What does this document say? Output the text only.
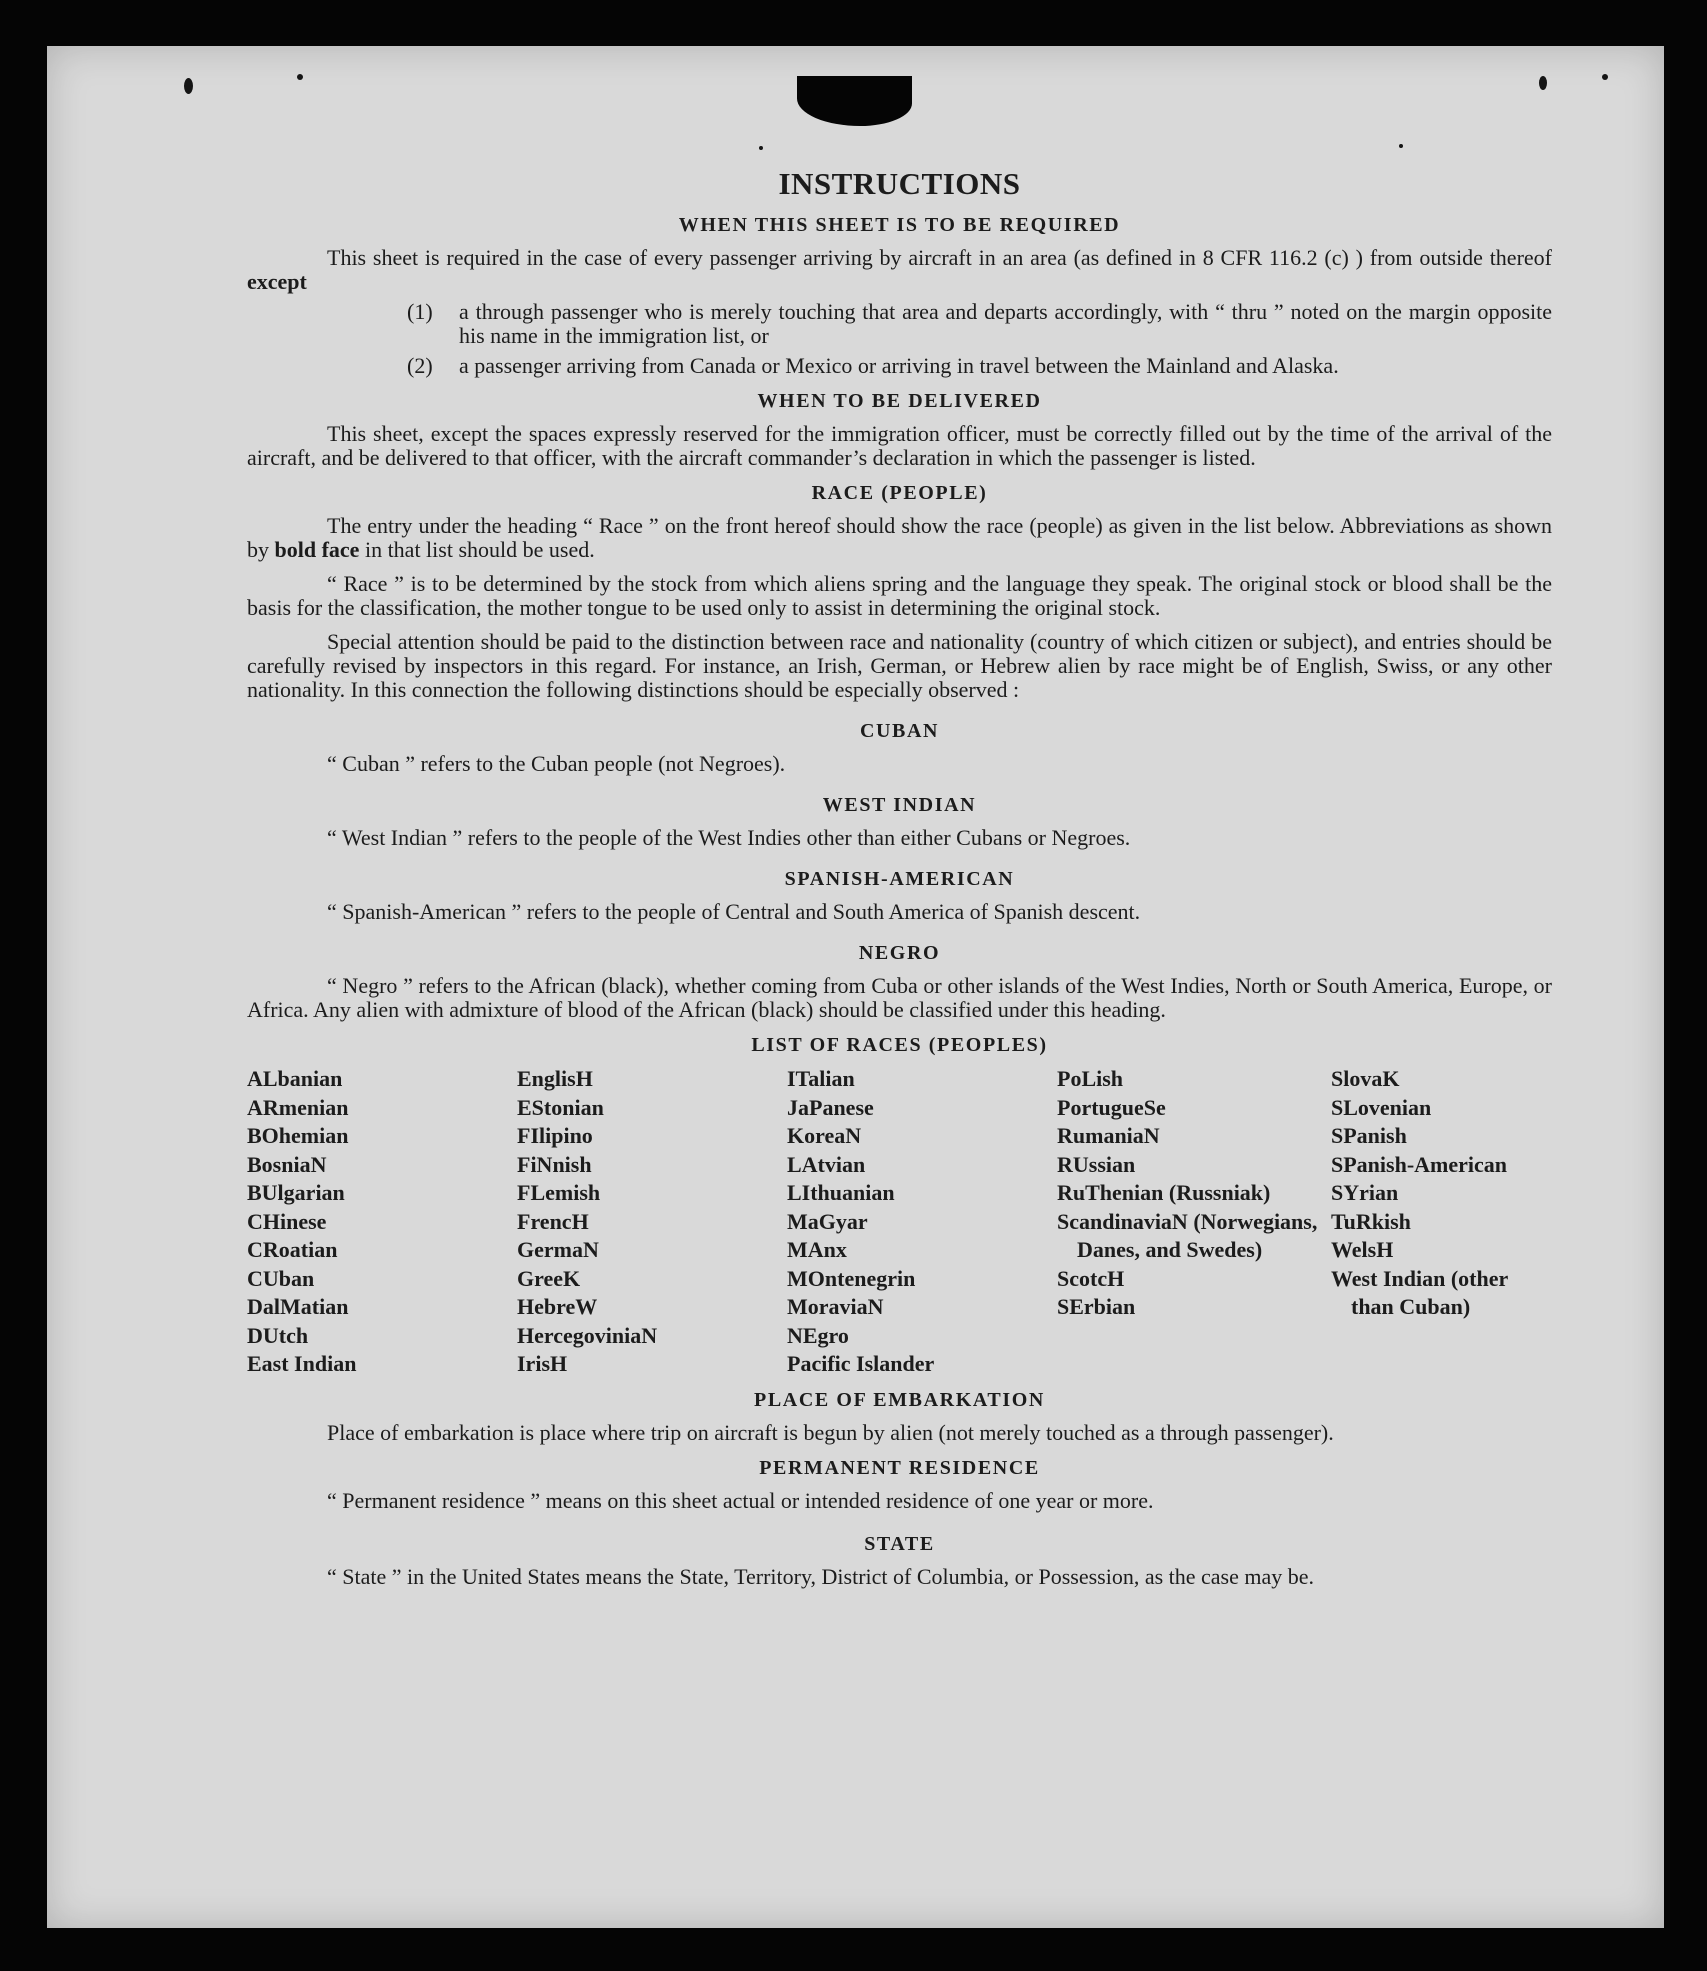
INSTRUCTIONS
WHEN THIS SHEET IS TO BE REQUIRED

This sheet is required in the case of every passenger arriving by aircraft in an area (as defined in 8 CFR 116.2 (c) ) from outside thereof except

(1)	a through passenger who is merely touching that area and departs accordingly, with “ thru ” noted on the margin opposite his name in the immigration list, or
(2)	a passenger arriving from Canada or Mexico or arriving in travel between the Mainland and Alaska.
WHEN TO BE DELIVERED

This sheet, except the spaces expressly reserved for the immigration officer, must be correctly filled out by the time of the arrival of the aircraft, and be delivered to that officer, with the aircraft commander’s declaration in which the passenger is listed.

RACE (PEOPLE)

The entry under the heading “ Race ” on the front hereof should show the race (people) as given in the list below. Abbreviations as shown by bold face in that list should be used.

“ Race ” is to be determined by the stock from which aliens spring and the language they speak. The original stock or blood shall be the basis for the classification, the mother tongue to be used only to assist in determining the original stock.

Special attention should be paid to the distinction between race and nationality (country of which citizen or subject), and entries should be carefully revised by inspectors in this regard. For instance, an Irish, German, or Hebrew alien by race might be of English, Swiss, or any other nationality. In this connection the following distinctions should be especially observed :

CUBAN

“ Cuban ” refers to the Cuban people (not Negroes).

WEST INDIAN

“ West Indian ” refers to the people of the West Indies other than either Cubans or Negroes.

SPANISH-AMERICAN

“ Spanish-American ” refers to the people of Central and South America of Spanish descent.

NEGRO

“ Negro ” refers to the African (black), whether coming from Cuba or other islands of the West Indies, North or South America, Europe, or Africa. Any alien with admixture of blood of the African (black) should be classified under this heading.

LIST OF RACES (PEOPLES)
ALbanian
ARmenian
BOhemian
BosniaN
BUlgarian
CHinese
CRoatian
CUban
DalMatian
DUtch
East Indian
EnglisH
EStonian
FIlipino
FiNnish
FLemish
FrencH
GermaN
GreeK
HebreW
HercegoviniaN
IrisH
ITalian
JaPanese
KoreaN
LAtvian
LIthuanian
MaGyar
MAnx
MOntenegrin
MoraviaN
NEgro
Pacific Islander
PoLish
PortugueSe
RumaniaN
RUssian
RuThenian (Russniak)
ScandinaviaN (Norwegians, Danes, and Swedes)
ScotcH
SErbian
SlovaK
SLovenian
SPanish
SPanish-American
SYrian
TuRkish
WelsH
West Indian (other than Cuban)
PLACE OF EMBARKATION

Place of embarkation is place where trip on aircraft is begun by alien (not merely touched as a through passenger).

PERMANENT RESIDENCE

“ Permanent residence ” means on this sheet actual or intended residence of one year or more.

STATE

“ State ” in the United States means the State, Territory, District of Columbia, or Possession, as the case may be.
